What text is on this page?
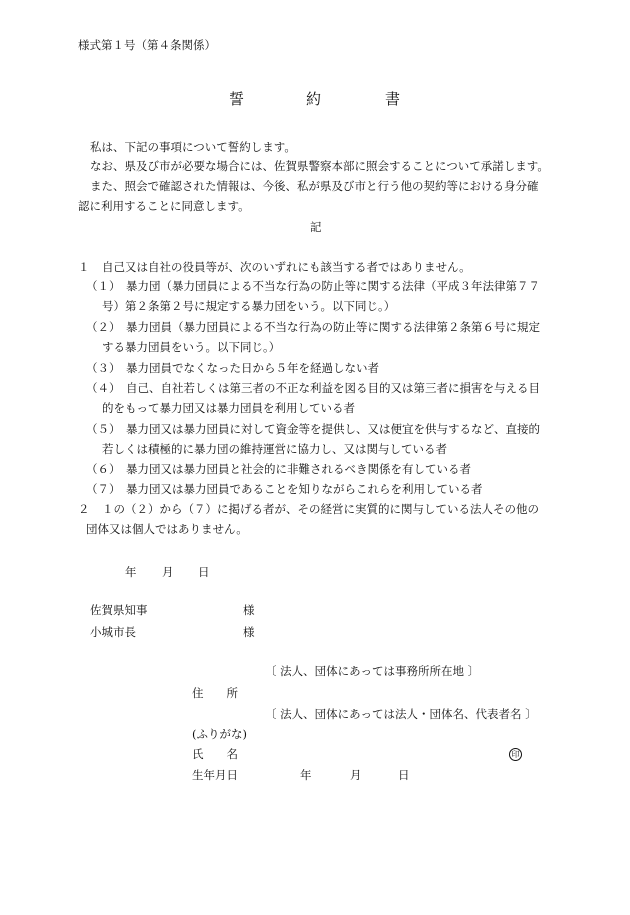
様式第１号（第４条関係）
誓	約	書
私は、下記の事項について誓約します。
なお、県及び市が必要な場合には、佐賀県警察本部に照会することについて承諾します。
また、照会で確認された情報は、今後、私が県及び市と行う他の契約等における身分確
認に利用することに同意します。
記
１ 自己又は自社の役員等が、次のいずれにも該当する者ではありません。
（１） 暴力団（暴力団員による不当な行為の防止等に関する法律（平成３年法律第７７
号）第２条第２号に規定する暴力団をいう。以下同じ。）
（２） 暴力団員（暴力団員による不当な行為の防止等に関する法律第２条第６号に規定
する暴力団員をいう。以下同じ。）
（３） 暴力団員でなくなった日から５年を経過しない者
（４） 自己、自社若しくは第三者の不正な利益を図る目的又は第三者に損害を与える目
的をもって暴力団又は暴力団員を利用している者
（５） 暴力団又は暴力団員に対して資金等を提供し、又は便宜を供与するなど、直接的
若しくは積極的に暴力団の維持運営に協力し、又は関与している者
（６） 暴力団又は暴力団員と社会的に非難されるべき関係を有している者
（７） 暴力団又は暴力団員であることを知りながらこれらを利用している者
２ １の（２）から（７）に掲げる者が、その経営に実質的に関与している法人その他の
団体又は個人ではありません。
年 月 日
佐賀県知事	様
小城市長	様
〔 法人、団体にあっては事務所所在地 〕
住　　所
〔 法人、団体にあっては法人・団体名、代表者名 〕
(ふりがな)
氏　　名	印
生年月日	年	月	日
